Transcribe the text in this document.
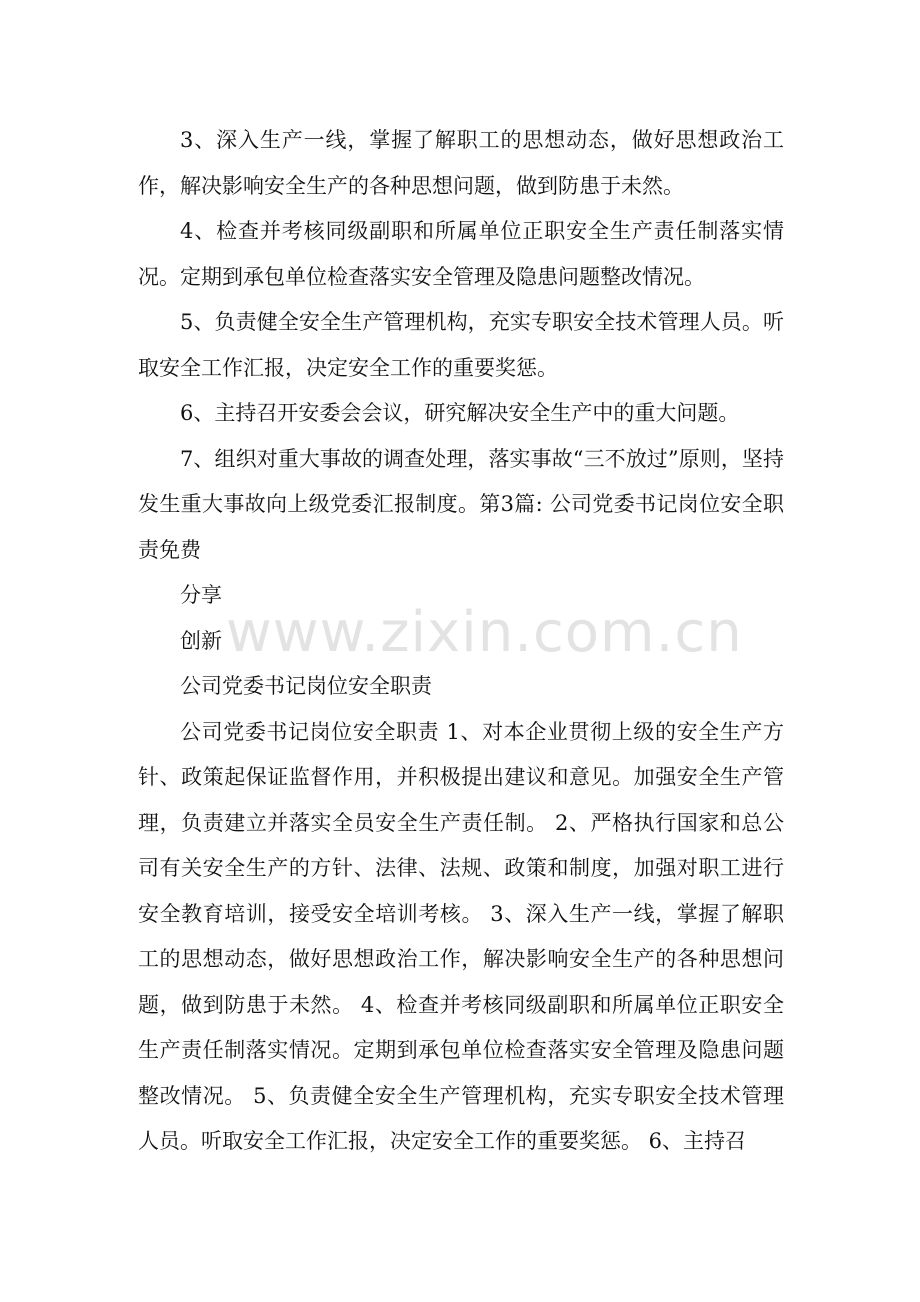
3、深入生产一线，掌握了解职工的思想动态，做好思想政治工作，解决影响安全生产的各种思想问题，做到防患于未然。

4、检查并考核同级副职和所属单位正职安全生产责任制落实情况。定期到承包单位检查落实安全管理及隐患问题整改情况。

5、负责健全安全生产管理机构，充实专职安全技术管理人员。听取安全工作汇报，决定安全工作的重要奖惩。

6、主持召开安委会会议，研究解决安全生产中的重大问题。

7、组织对重大事故的调查处理，落实事故“三不放过”原则，坚持发生重大事故向上级党委汇报制度。第3篇: 公司党委书记岗位安全职责免费

分享

创新

公司党委书记岗位安全职责

公司党委书记岗位安全职责 1、对本企业贯彻上级的安全生产方针、政策起保证监督作用，并积极提出建议和意见。加强安全生产管理，负责建立并落实全员安全生产责任制。 2、严格执行国家和总公司有关安全生产的方针、法律、法规、政策和制度，加强对职工进行安全教育培训，接受安全培训考核。 3、深入生产一线，掌握了解职工的思想动态，做好思想政治工作，解决影响安全生产的各种思想问题，做到防患于未然。 4、检查并考核同级副职和所属单位正职安全生产责任制落实情况。定期到承包单位检查落实安全管理及隐患问题整改情况。 5、负责健全安全生产管理机构，充实专职安全技术管理人员。听取安全工作汇报，决定安全工作的重要奖惩。 6、主持召

www.zixin.com.cn
